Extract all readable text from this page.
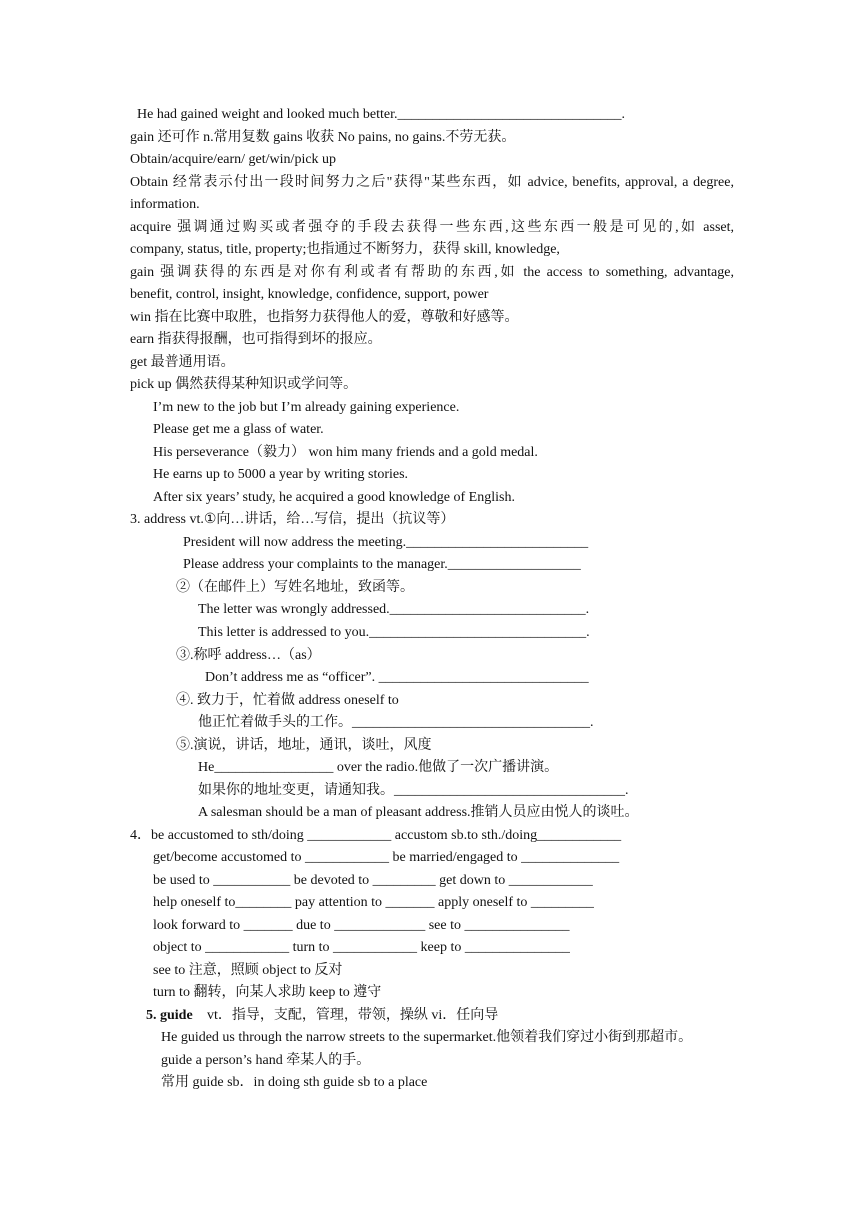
He had gained weight and looked much better.________________________________.
gain 还可作 n.常用复数 gains 收获 No pains, no gains.不劳无获。
Obtain/acquire/earn/ get/win/pick up
Obtain 经常表示付出一段时间努力之后"获得"某些东西，如 advice, benefits, approval, a degree,
information.
acquire 强调通过购买或者强夺的手段去获得一些东西,这些东西一般是可见的,如 asset,
company, status, title, property;也指通过不断努力，获得 skill, knowledge,
gain 强调获得的东西是对你有利或者有帮助的东西,如 the access to something, advantage,
benefit, control, insight, knowledge, confidence, support, power
win 指在比赛中取胜，也指努力获得他人的爱，尊敬和好感等。
earn 指获得报酬，也可指得到坏的报应。
get 最普通用语。
pick up 偶然获得某种知识或学问等。
I’m new to the job but I’m already gaining experience.
Please get me a glass of water.
His perseverance（毅力） won him many friends and a gold medal.
He earns up to 5000 a year by writing stories.
After six years’ study, he acquired a good knowledge of English.
3. address vt.①向…讲话，给…写信，提出（抗议等）
President will now address the meeting.__________________________
Please address your complaints to the manager.___________________
②（在邮件上）写姓名地址，致函等。
The letter was wrongly addressed.____________________________.
This letter is addressed to you._______________________________.
③.称呼 address…（as）
Don’t address me as “officer”. ______________________________
④. 致力于，忙着做 address oneself to
他正忙着做手头的工作。__________________________________.
⑤.演说，讲话，地址，通讯，谈吐，风度
He_________________ over the radio.他做了一次广播讲演。
如果你的地址变更，请通知我。_________________________________.
A salesman should be a man of pleasant address.推销人员应由悦人的谈吐。
4．be accustomed to sth/doing ____________ accustom sb.to sth./doing____________
get/become accustomed to ____________ be married/engaged to ______________
be used to ___________ be devoted to _________ get down to ____________
help oneself to________ pay attention to _______ apply oneself to _________
look forward to _______ due to _____________ see to _______________
object to ____________ turn to ____________ keep to _______________
see to 注意，照顾 object to 反对
turn to 翻转，向某人求助 keep to 遵守
5. guide vt．指导，支配，管理，带领，操纵 vi．任向导
He guided us through the narrow streets to the supermarket.他领着我们穿过小街到那超市。
guide a person’s hand 牵某人的手。
常用 guide sb．in doing sth guide sb to a place
